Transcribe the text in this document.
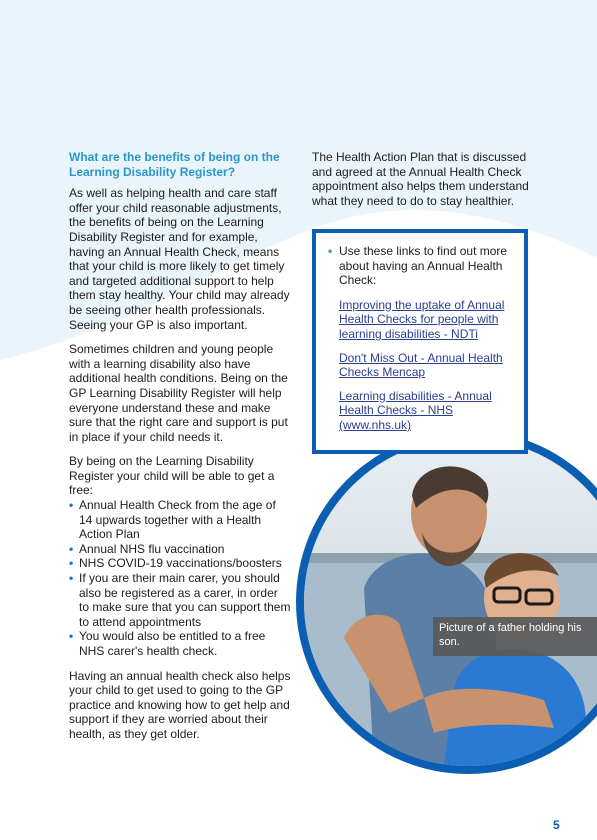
What are the benefits of being on the Learning Disability Register?

As well as helping health and care staff offer your child reasonable adjustments, the benefits of being on the Learning Disability Register and for example, having an Annual Health Check, means that your child is more likely to get timely and targeted additional support to help them stay healthy. Your child may already be seeing other health professionals. Seeing your GP is also important.

Sometimes children and young people with a learning disability also have additional health conditions. Being on the GP Learning Disability Register will help everyone understand these and make sure that the right care and support is put in place if your child needs it.

By being on the Learning Disability Register your child will be able to get a free:

• Annual Health Check from the age of 14 upwards together with a Health Action Plan
• Annual NHS flu vaccination
• NHS COVID-19 vaccinations/boosters
• If you are their main carer, you should also be registered as a carer, in order to make sure that you can support them to attend appointments
• You would also be entitled to a free NHS carer's health check.

Having an annual health check also helps your child to get used to going to the GP practice and knowing how to get help and support if they are worried about their health, as they get older.

The Health Action Plan that is discussed and agreed at the Annual Health Check appointment also helps them understand what they need to do to stay healthier.

• Use these links to find out more about having an Annual Health Check:
Improving the uptake of Annual Health Checks for people with learning disabilities - NDTi
Don't Miss Out - Annual Health Checks Mencap
Learning disabilities - Annual Health Checks - NHS (www.nhs.uk)
Picture of a father holding his son.
5
